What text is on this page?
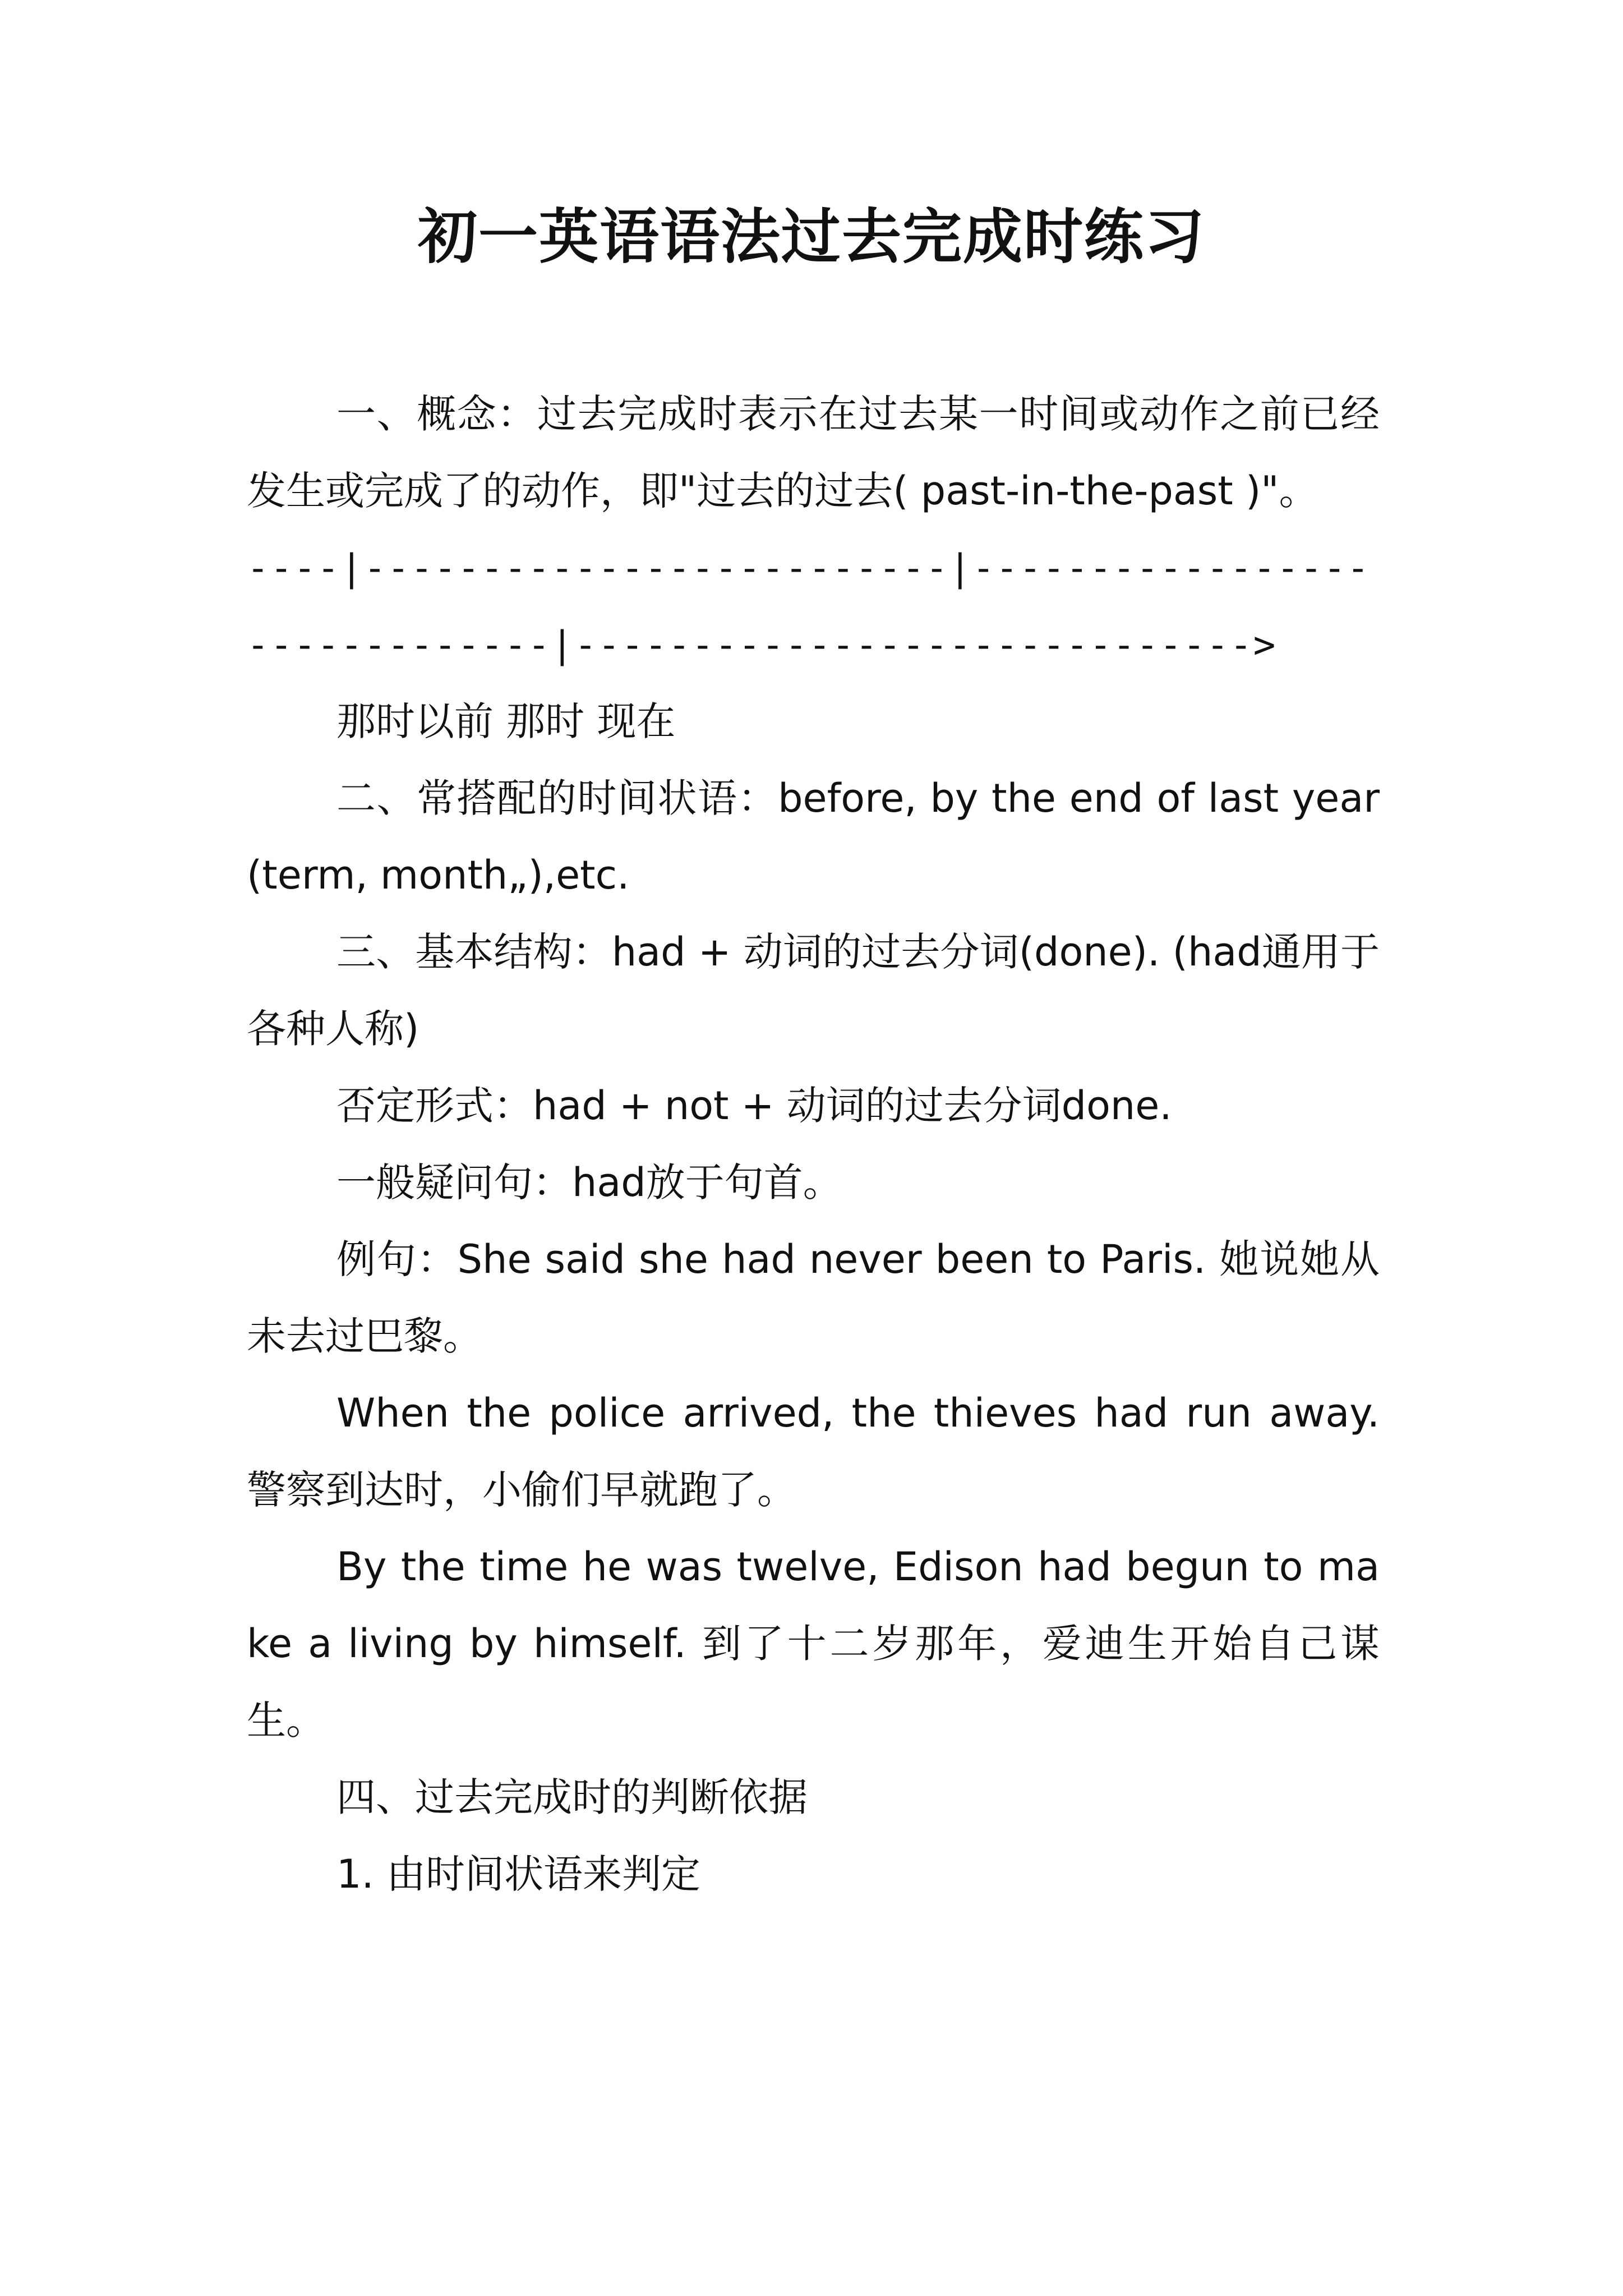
初一英语语法过去完成时练习

一、概念：过去完成时表示在过去某一时间或动作之前已经发生或完成了的动作，即"过去的过去( past-in-the-past )"。

----|-------------------------|------------------------------|----------------------------->

那时以前 那时 现在

二、常搭配的时间状语：before, by the end of last year(term, month„),etc.

三、基本结构：had + 动词的过去分词(done). (had通用于各种人称)

否定形式：had + not + 动词的过去分词done.

一般疑问句：had放于句首。

例句：She said she had never been to Paris. 她说她从未去过巴黎。

When the police arrived, the thieves had run away. 警察到达时，小偷们早就跑了。

By the time he was twelve, Edison had begun to make a living by himself. 到了十二岁那年，爱迪生开始自己谋生。

四、过去完成时的判断依据

1. 由时间状语来判定
